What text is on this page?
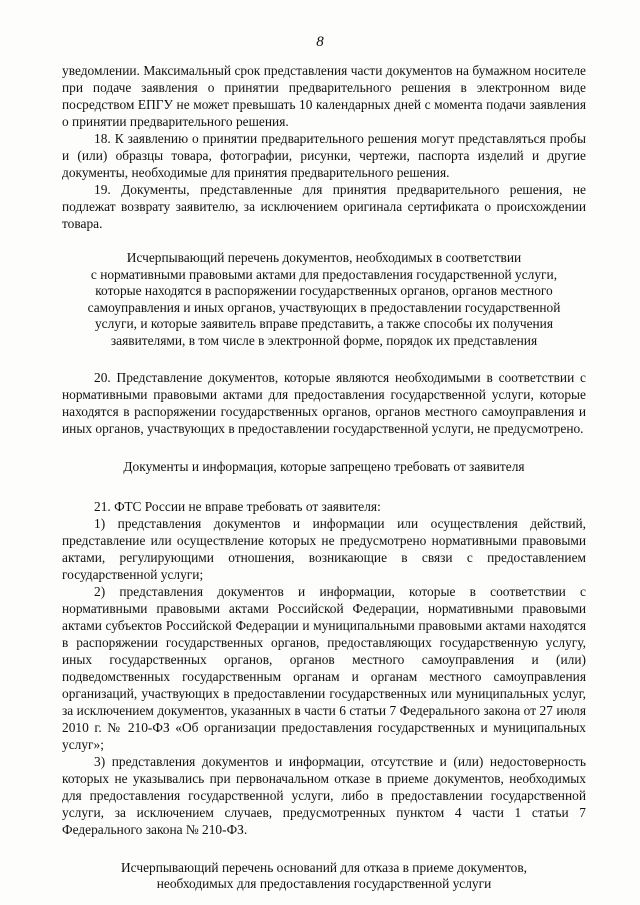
8

уведомлении. Максимальный срок представления части документов на бумажном носителе при подаче заявления о принятии предварительного решения в электронном виде посредством ЕПГУ не может превышать 10 календарных дней с момента подачи заявления о принятии предварительного решения.

18. К заявлению о принятии предварительного решения могут представляться пробы и (или) образцы товара, фотографии, рисунки, чертежи, паспорта изделий и другие документы, необходимые для принятия предварительного решения.

19. Документы, представленные для принятия предварительного решения, не подлежат возврату заявителю, за исключением оригинала сертификата о происхождении товара.

Исчерпывающий перечень документов, необходимых в соответствии

с нормативными правовыми актами для предоставления государственной услуги,

которые находятся в распоряжении государственных органов, органов местного

самоуправления и иных органов, участвующих в предоставлении государственной

услуги, и которые заявитель вправе представить, а также способы их получения

заявителями, в том числе в электронной форме, порядок их представления

20. Представление документов, которые являются необходимыми в соответствии с нормативными правовыми актами для предоставления государственной услуги, которые находятся в распоряжении государственных органов, органов местного самоуправления и иных органов, участвующих в предоставлении государственной услуги, не предусмотрено.

Документы и информация, которые запрещено требовать от заявителя

21. ФТС России не вправе требовать от заявителя:

1) представления документов и информации или осуществления действий, представление или осуществление которых не предусмотрено нормативными правовыми актами, регулирующими отношения, возникающие в связи с предоставлением государственной услуги;

2) представления документов и информации, которые в соответствии с нормативными правовыми актами Российской Федерации, нормативными правовыми актами субъектов Российской Федерации и муниципальными правовыми актами находятся в распоряжении государственных органов, предоставляющих государственную услугу, иных государственных органов, органов местного самоуправления и (или) подведомственных государственным органам и органам местного самоуправления организаций, участвующих в предоставлении государственных или муниципальных услуг, за исключением документов, указанных в части 6 статьи 7 Федерального закона от 27 июля 2010 г. № 210-ФЗ «Об организации предоставления государственных и муниципальных услуг»;

3) представления документов и информации, отсутствие и (или) недостоверность которых не указывались при первоначальном отказе в приеме документов, необходимых для предоставления государственной услуги, либо в предоставлении государственной услуги, за исключением случаев, предусмотренных пунктом 4 части 1 статьи 7 Федерального закона № 210-ФЗ.

Исчерпывающий перечень оснований для отказа в приеме документов,

необходимых для предоставления государственной услуги
